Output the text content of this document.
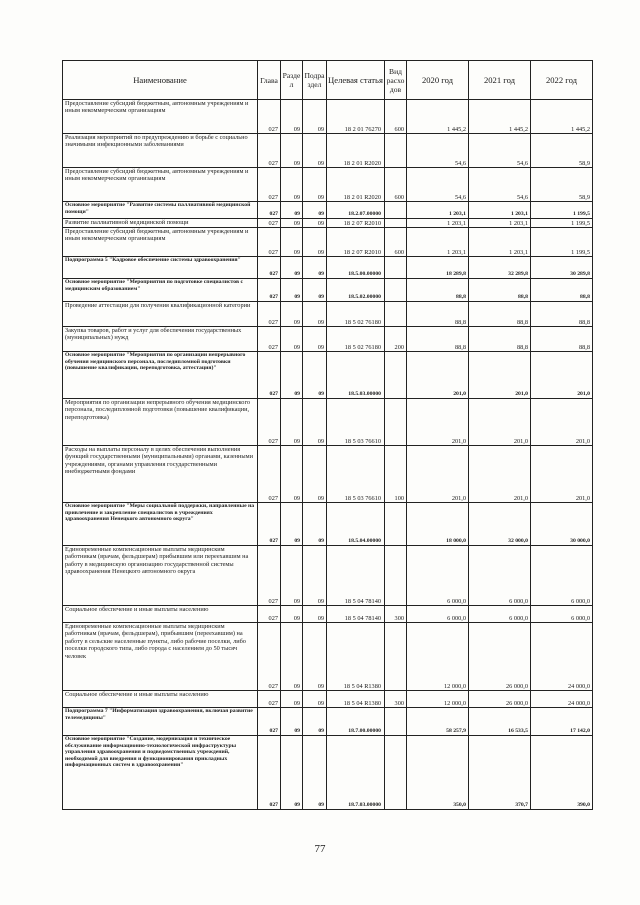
Наименование	Глава	Раздел	Подраздел	Целевая статья	Вид расходов	2020 год	2021 год	2022 год
Предоставление субсидий бюджетным, автономным учреждениям и иным некоммерческим организациям	027	09	09	18 2 01 76270	600	1 445,2	1 445,2	1 445,2
Реализация мероприятий по предупреждению и борьбе с социально значимыми инфекционными заболеваниями	027	09	09	18 2 01 R2020		54,6	54,6	58,9
Предоставление субсидий бюджетным, автономным учреждениям и иным некоммерческим организациям	027	09	09	18 2 01 R2020	600	54,6	54,6	58,9
Основное мероприятие "Развитие системы паллиативной медицинской помощи"	027	09	09	18.2.07.00000		1 203,1	1 203,1	1 199,5
Развитие паллиативной медицинской помощи	027	09	09	18 2 07 R2010		1 203,1	1 203,1	1 199,5
Предоставление субсидий бюджетным, автономным учреждениям и иным некоммерческим организациям	027	09	09	18 2 07 R2010	600	1 203,1	1 203,1	1 199,5
Подпрограмма 5 "Кадровое обеспечение системы здравоохранения"	027	09	09	18.5.00.00000		18 289,8	32 289,8	30 289,8
Основное мероприятие "Мероприятия по подготовке специалистов с медицинским образованием"	027	09	09	18.5.02.00000		88,8	88,8	88,8
Проведение аттестации для получения квалификационной категории	027	09	09	18 5 02 76180		88,8	88,8	88,8
Закупка товаров, работ и услуг для обеспечения государственных (муниципальных) нужд	027	09	09	18 5 02 76180	200	88,8	88,8	88,8
Основное мероприятие "Мероприятия по организации непрерывного обучения медицинского персонала, последипломной подготовки (повышение квалификации, переподготовка, аттестация)"	027	09	09	18.5.03.00000		201,0	201,0	201,0
Мероприятия по организации непрерывного обучения медицинского персонала, последипломной подготовки (повышение квалификации, переподготовка)	027	09	09	18 5 03 76610		201,0	201,0	201,0
Расходы на выплаты персоналу в целях обеспечения выполнения функций государственными (муниципальными) органами, казенными учреждениями, органами управления государственными внебюджетными фондами	027	09	09	18 5 03 76610	100	201,0	201,0	201,0
Основное мероприятие "Меры социальной поддержки, направленные на привлечение и закрепление специалистов в учреждениях здравоохранения Ненецкого автономного округа"	027	09	09	18.5.04.00000		18 000,0	32 000,0	30 000,0
Единовременные компенсационные выплаты медицинским работникам (врачам, фельдшерам) прибывшим или переехавшим на работу в медицинскую организацию государственной системы здравоохранения Ненецкого автономного округа	027	09	09	18 5 04 78140		6 000,0	6 000,0	6 000,0
Социальное обеспечение и иные выплаты населению	027	09	09	18 5 04 78140	300	6 000,0	6 000,0	6 000,0
Единовременные компенсационные выплаты медицинским работникам (врачам, фельдшерам), прибывшим (переехавшим) на работу в сельские населенные пункты, либо рабочие поселки, либо поселки городского типа, либо города с населением до 50 тысяч человек	027	09	09	18 5 04 R1380		12 000,0	26 000,0	24 000,0
Социальное обеспечение и иные выплаты населению	027	09	09	18 5 04 R1380	300	12 000,0	26 000,0	24 000,0
Подпрограмма 7 "Информатизация здравоохранения, включая развитие телемедицины"	027	09	09	18.7.00.00000		58 257,9	16 533,5	17 142,0
Основное мероприятие "Создание, модернизация и техническое обслуживание информационно-технологической инфраструктуры управления здравоохранения и подведомственных учреждений, необходимой для внедрения и функционирования прикладных информационных систем в здравоохранении"	027	09	09	18.7.03.00000		350,0	370,7	390,0
77
